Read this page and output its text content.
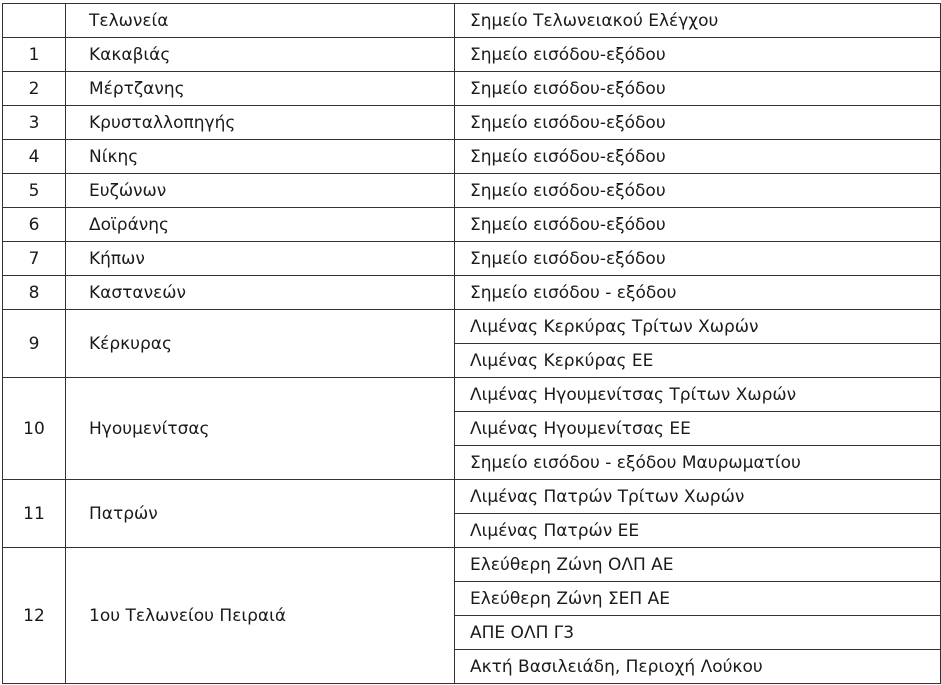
	Τελωνεία	Σημείο Τελωνειακού Ελέγχου
1	Κακαβιάς	Σημείο εισόδου-εξόδου
2	Μέρτζανης	Σημείο εισόδου-εξόδου
3	Κρυσταλλοπηγής	Σημείο εισόδου-εξόδου
4	Νίκης	Σημείο εισόδου-εξόδου
5	Ευζώνων	Σημείο εισόδου-εξόδου
6	Δοϊράνης	Σημείο εισόδου-εξόδου
7	Κήπων	Σημείο εισόδου-εξόδου
8	Καστανεών	Σημείο εισόδου - εξόδου
9	Κέρκυρας	Λιμένας Κερκύρας Τρίτων Χωρών
		Λιμένας Κερκύρας ΕΕ
10	Ηγουμενίτσας	Λιμένας Ηγουμενίτσας Τρίτων Χωρών
		Λιμένας Ηγουμενίτσας ΕΕ
		Σημείο εισόδου - εξόδου Μαυρωματίου
11	Πατρών	Λιμένας Πατρών Τρίτων Χωρών
		Λιμένας Πατρών ΕΕ
12	1ου Τελωνείου Πειραιά	Ελεύθερη Ζώνη ΟΛΠ ΑΕ
		Ελεύθερη Ζώνη ΣΕΠ ΑΕ
		ΑΠΕ ΟΛΠ Γ3
		Ακτή Βασιλειάδη, Περιοχή Λούκου
